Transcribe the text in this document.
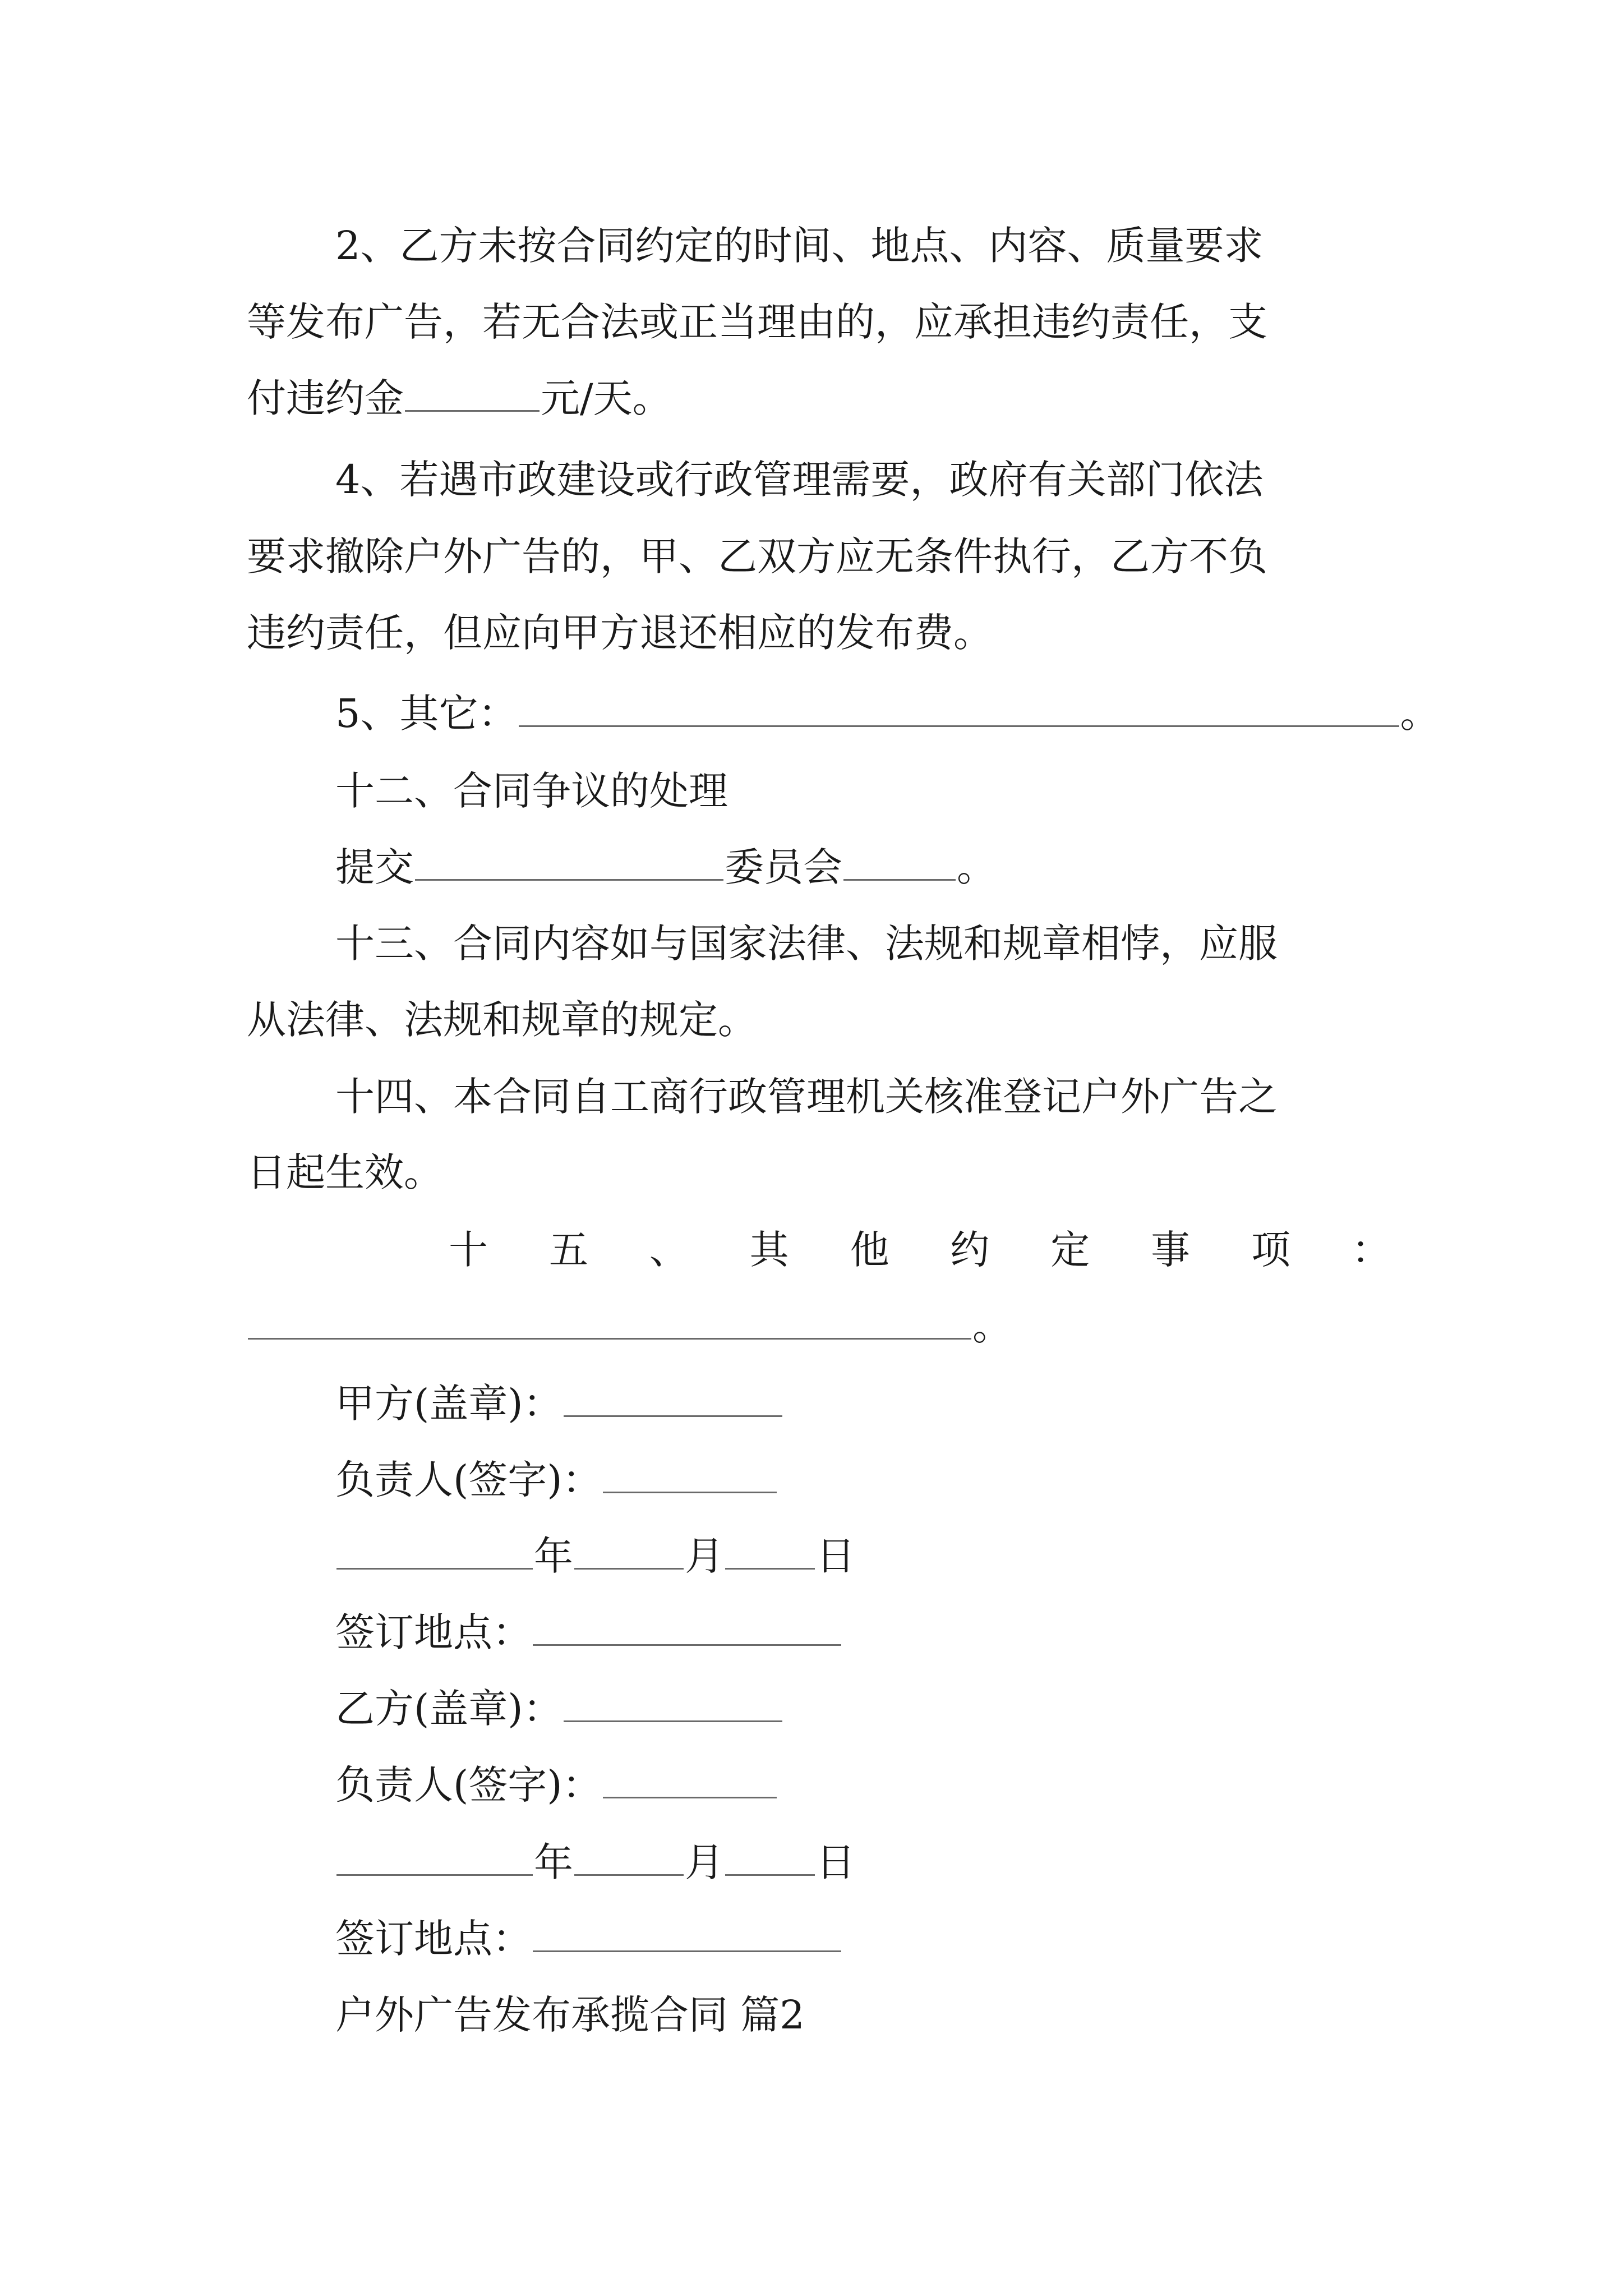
2、乙方未按合同约定的时间、地点、内容、质量要求
等发布广告，若无合法或正当理由的，应承担违约责任，支
付违约金	元/天。
4、若遇市政建设或行政管理需要，政府有关部门依法
要求撤除户外广告的，甲、乙双方应无条件执行，乙方不负
违约责任，但应向甲方退还相应的发布费。
5、其它：	。
十二、合同争议的处理
提交	委员会	。
十三、合同内容如与国家法律、法规和规章相悖，应服
从法律、法规和规章的规定。
十四、本合同自工商行政管理机关核准登记户外广告之
日起生效。
十 五 、 其 他 约 定 事 项 ：
。
甲方(盖章)：
负责人(签字)：
年	月 日
签订地点：
乙方(盖章)：
负责人(签字)：
年	月 日
签订地点：
户外广告发布承揽合同 篇2
